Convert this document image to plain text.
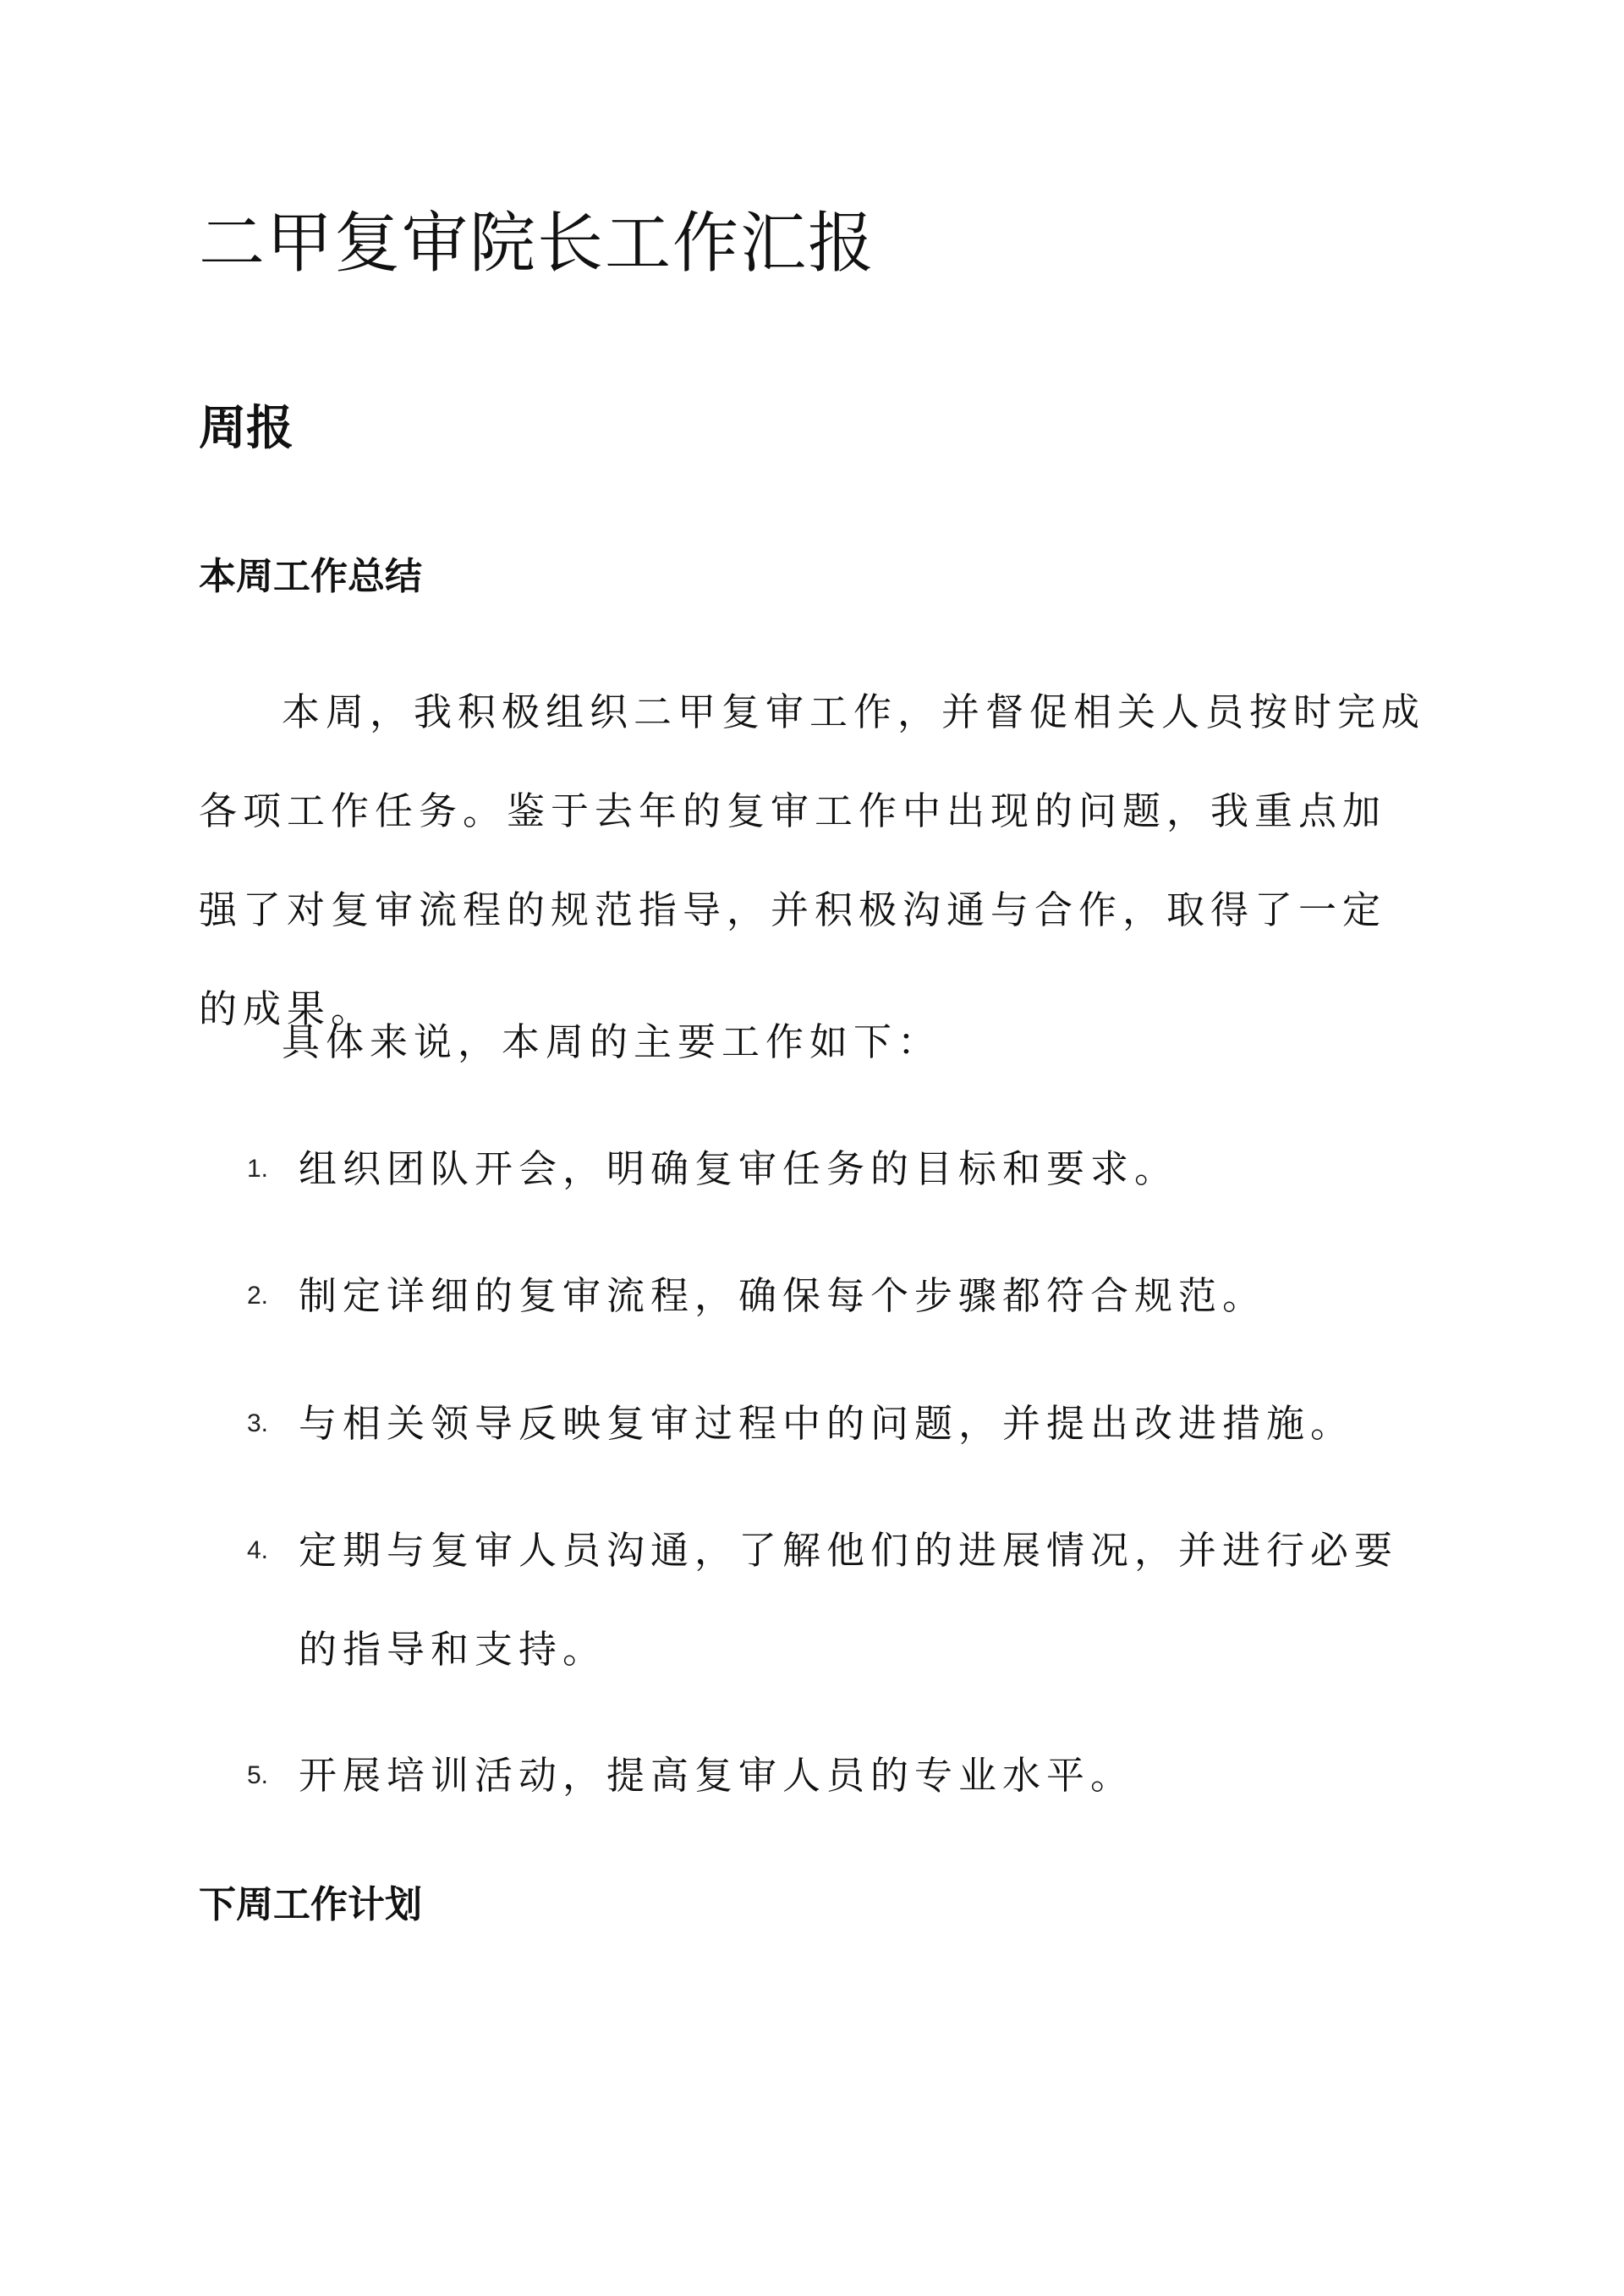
二甲复审院长工作汇报
周报
本周工作总结

本周，我积极组织二甲复审工作，并督促相关人员按时完成各项工作任务。鉴于去年的复审工作中出现的问题，我重点加强了对复审流程的规范指导，并积极沟通与合作，取得了一定的成果。

具体来说，本周的主要工作如下：

1. 组织团队开会，明确复审任务的目标和要求。
2. 制定详细的复审流程，确保每个步骤都符合规范。
3. 与相关领导反映复审过程中的问题，并提出改进措施。
4. 定期与复审人员沟通，了解他们的进展情况，并进行必要的指导和支持。
5. 开展培训活动，提高复审人员的专业水平。
下周工作计划
